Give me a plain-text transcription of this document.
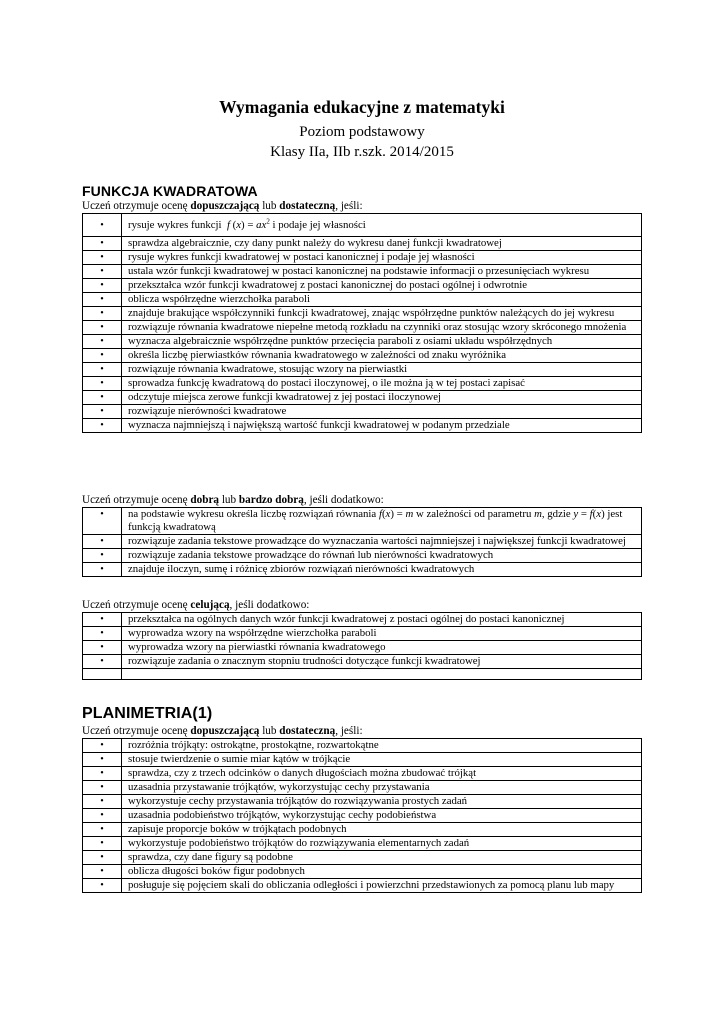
Wymagania edukacyjne z matematyki
Poziom podstawowy
Klasy IIa, IIb r.szk. 2014/2015
FUNKCJA KWADRATOWA
Uczeń otrzymuje ocenę dopuszczającą lub dostateczną, jeśli:
•	rysuje wykres funkcji  f $(x) = ax^2$ i podaje jej własności
•	sprawdza algebraicznie, czy dany punkt należy do wykresu danej funkcji kwadratowej
•	rysuje wykres funkcji kwadratowej w postaci kanonicznej i podaje jej własności
•	ustala wzór funkcji kwadratowej w postaci kanonicznej na podstawie informacji o przesunięciach wykresu
•	przekształca wzór funkcji kwadratowej z postaci kanonicznej do postaci ogólnej i odwrotnie
•	oblicza współrzędne wierzchołka paraboli
•	znajduje brakujące współczynniki funkcji kwadratowej, znając współrzędne punktów należących do jej wykresu
•	rozwiązuje równania kwadratowe niepełne metodą rozkładu na czynniki oraz stosując wzory skróconego mnożenia
•	wyznacza algebraicznie współrzędne punktów przecięcia paraboli z osiami układu współrzędnych
•	określa liczbę pierwiastków równania kwadratowego w zależności od znaku wyróżnika
•	rozwiązuje równania kwadratowe, stosując wzory na pierwiastki
•	sprowadza funkcję kwadratową do postaci iloczynowej, o ile można ją w tej postaci zapisać
•	odczytuje miejsca zerowe funkcji kwadratowej z jej postaci iloczynowej
•	rozwiązuje nierówności kwadratowe
•	wyznacza najmniejszą i największą wartość funkcji kwadratowej w podanym przedziale
Uczeń otrzymuje ocenę dobrą lub bardzo dobrą, jeśli dodatkowo:
•	na podstawie wykresu określa liczbę rozwiązań równania f(x) = m w zależności od parametru m, gdzie y = f(x) jest funkcją kwadratową
•	rozwiązuje zadania tekstowe prowadzące do wyznaczania wartości najmniejszej i największej funkcji kwadratowej
•	rozwiązuje zadania tekstowe prowadzące do równań lub nierówności kwadratowych
•	znajduje iloczyn, sumę i różnicę zbiorów rozwiązań nierówności kwadratowych
Uczeń otrzymuje ocenę celującą, jeśli dodatkowo:
•	przekształca na ogólnych danych wzór funkcji kwadratowej z postaci ogólnej do postaci kanonicznej
•	wyprowadza wzory na współrzędne wierzchołka paraboli
•	wyprowadza wzory na pierwiastki równania kwadratowego
•	rozwiązuje zadania o znacznym stopniu trudności dotyczące funkcji kwadratowej

PLANIMETRIA(1)
Uczeń otrzymuje ocenę dopuszczającą lub dostateczną, jeśli:
•	rozróżnia trójkąty: ostrokątne, prostokątne, rozwartokątne
•	stosuje twierdzenie o sumie miar kątów w trójkącie
•	sprawdza, czy z trzech odcinków o danych długościach można zbudować trójkąt
•	uzasadnia przystawanie trójkątów, wykorzystując cechy przystawania
•	wykorzystuje cechy przystawania trójkątów do rozwiązywania prostych zadań
•	uzasadnia podobieństwo trójkątów, wykorzystując cechy podobieństwa
•	zapisuje proporcje boków w trójkątach podobnych
•	wykorzystuje podobieństwo trójkątów do rozwiązywania elementarnych zadań
•	sprawdza, czy dane figury są podobne
•	oblicza długości boków figur podobnych
•	posługuje się pojęciem skali do obliczania odległości i powierzchni przedstawionych za pomocą planu lub mapy
